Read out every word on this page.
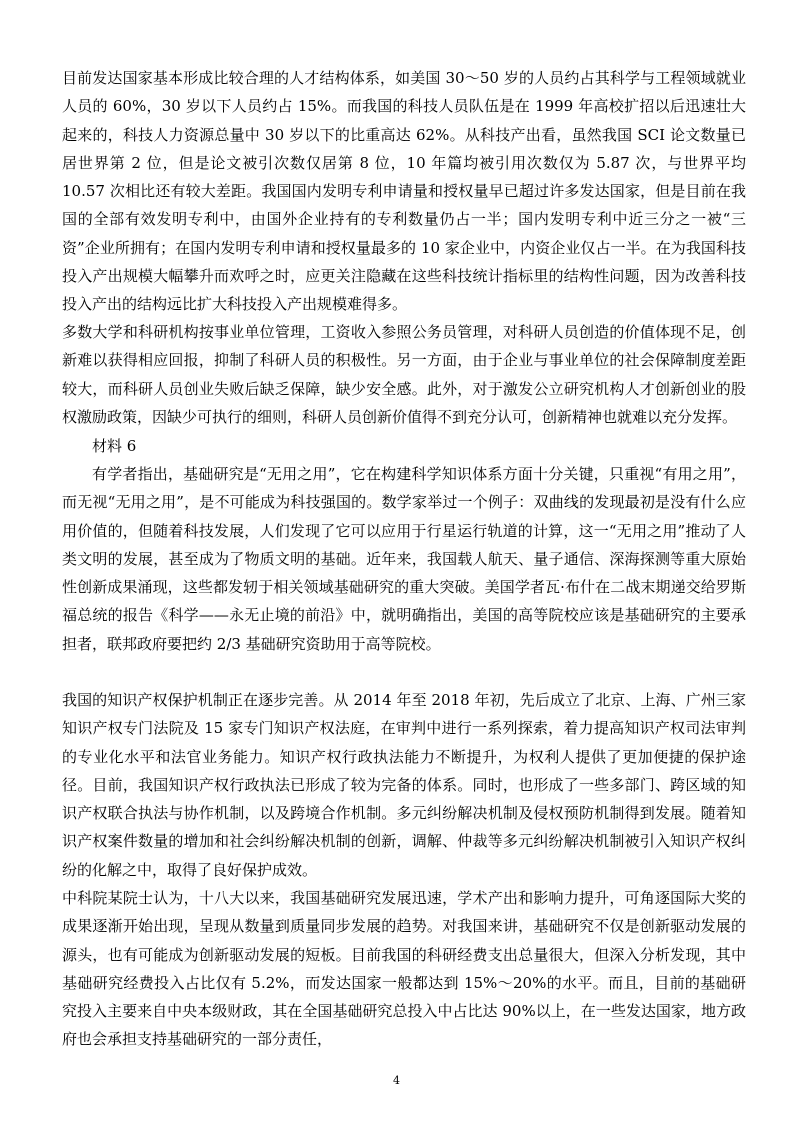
目前发达国家基本形成比较合理的人才结构体系，如美国 30～50 岁的人员约占其科学与工程领域就业人员的 60%，30 岁以下人员约占 15%。而我国的科技人员队伍是在 1999 年高校扩招以后迅速壮大起来的，科技人力资源总量中 30 岁以下的比重高达 62%。从科技产出看，虽然我国 SCI 论文数量已居世界第 2 位，但是论文被引次数仅居第 8 位，10 年篇均被引用次数仅为 5.87 次，与世界平均 10.57 次相比还有较大差距。我国国内发明专利申请量和授权量早已超过许多发达国家，但是目前在我国的全部有效发明专利中，由国外企业持有的专利数量仍占一半；国内发明专利中近三分之一被“三资”企业所拥有；在国内发明专利申请和授权量最多的 10 家企业中，内资企业仅占一半。在为我国科技投入产出规模大幅攀升而欢呼之时，应更关注隐藏在这些科技统计指标里的结构性问题，因为改善科技投入产出的结构远比扩大科技投入产出规模难得多。
多数大学和科研机构按事业单位管理，工资收入参照公务员管理，对科研人员创造的价值体现不足，创新难以获得相应回报，抑制了科研人员的积极性。另一方面，由于企业与事业单位的社会保障制度差距较大，而科研人员创业失败后缺乏保障，缺少安全感。此外，对于激发公立研究机构人才创新创业的股权激励政策，因缺少可执行的细则，科研人员创新价值得不到充分认可，创新精神也就难以充分发挥。
材料 6
有学者指出，基础研究是“无用之用”，它在构建科学知识体系方面十分关键，只重视“有用之用”，而无视“无用之用”，是不可能成为科技强国的。数学家举过一个例子：双曲线的发现最初是没有什么应用价值的，但随着科技发展，人们发现了它可以应用于行星运行轨道的计算，这一“无用之用”推动了人类文明的发展，甚至成为了物质文明的基础。近年来，我国载人航天、量子通信、深海探测等重大原始性创新成果涌现，这些都发轫于相关领域基础研究的重大突破。美国学者瓦·布什在二战末期递交给罗斯福总统的报告《科学——永无止境的前沿》中，就明确指出，美国的高等院校应该是基础研究的主要承担者，联邦政府要把约 2/3 基础研究资助用于高等院校。
我国的知识产权保护机制正在逐步完善。从 2014 年至 2018 年初，先后成立了北京、上海、广州三家知识产权专门法院及 15 家专门知识产权法庭，在审判中进行一系列探索，着力提高知识产权司法审判的专业化水平和法官业务能力。知识产权行政执法能力不断提升，为权利人提供了更加便捷的保护途径。目前，我国知识产权行政执法已形成了较为完备的体系。同时，也形成了一些多部门、跨区域的知识产权联合执法与协作机制，以及跨境合作机制。多元纠纷解决机制及侵权预防机制得到发展。随着知识产权案件数量的增加和社会纠纷解决机制的创新，调解、仲裁等多元纠纷解决机制被引入知识产权纠纷的化解之中，取得了良好保护成效。
中科院某院士认为，十八大以来，我国基础研究发展迅速，学术产出和影响力提升，可角逐国际大奖的成果逐渐开始出现，呈现从数量到质量同步发展的趋势。对我国来讲，基础研究不仅是创新驱动发展的源头，也有可能成为创新驱动发展的短板。目前我国的科研经费支出总量很大，但深入分析发现，其中基础研究经费投入占比仅有 5.2%，而发达国家一般都达到 15%～20%的水平。而且，目前的基础研究投入主要来自中央本级财政，其在全国基础研究总投入中占比达 90%以上，在一些发达国家，地方政府也会承担支持基础研究的一部分责任，
4
